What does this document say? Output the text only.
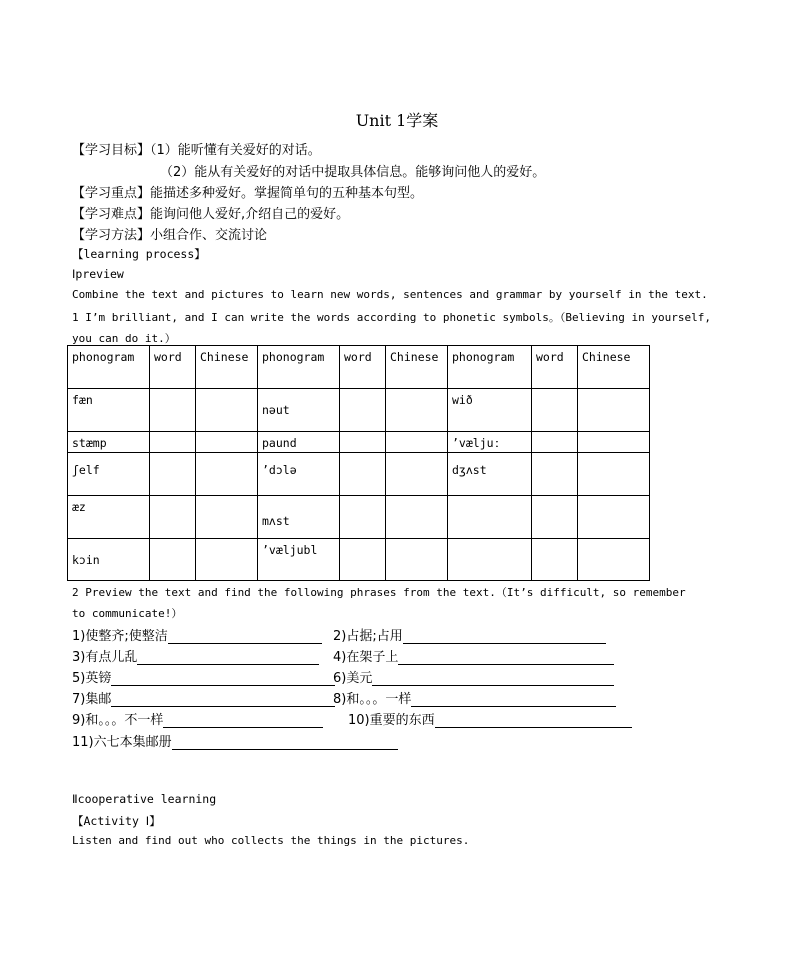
Unit 1学案
【学习目标】（1）能听懂有关爱好的对话。
（2）能从有关爱好的对话中提取具体信息。能够询问他人的爱好。
【学习重点】能描述多种爱好。掌握简单句的五种基本句型。
【学习难点】能询问他人爱好,介绍自己的爱好。
【学习方法】小组合作、交流讨论
【learning process】
Ⅰpreview
Combine the text and pictures to learn new words, sentences and grammar by yourself in the text.
1 I’m brilliant, and I can write the words according to phonetic symbols。（Believing in yourself,
you can do it.）
phonogram	word	Chinese	phonogram	word	Chinese	phonogram	word	Chinese
fæn			nəut			wið		
stæmp			paund			’væljuː		
ʃelf			’dɔlə			dʒʌst		
æz			mʌst					
kɔin			’væljubl					
2 Preview the text and find the following phrases from the text.（It’s difficult, so remember
to communicate!）
1)使整齐;使整洁	2)占据;占用
3)有点儿乱	4)在架子上
5)英镑	6)美元
7)集邮	8)和。。。一样
9)和。。。不一样	10)重要的东西
11)六七本集邮册
Ⅱcooperative learning
【Activity Ⅰ】
Listen and find out who collects the things in the pictures.
